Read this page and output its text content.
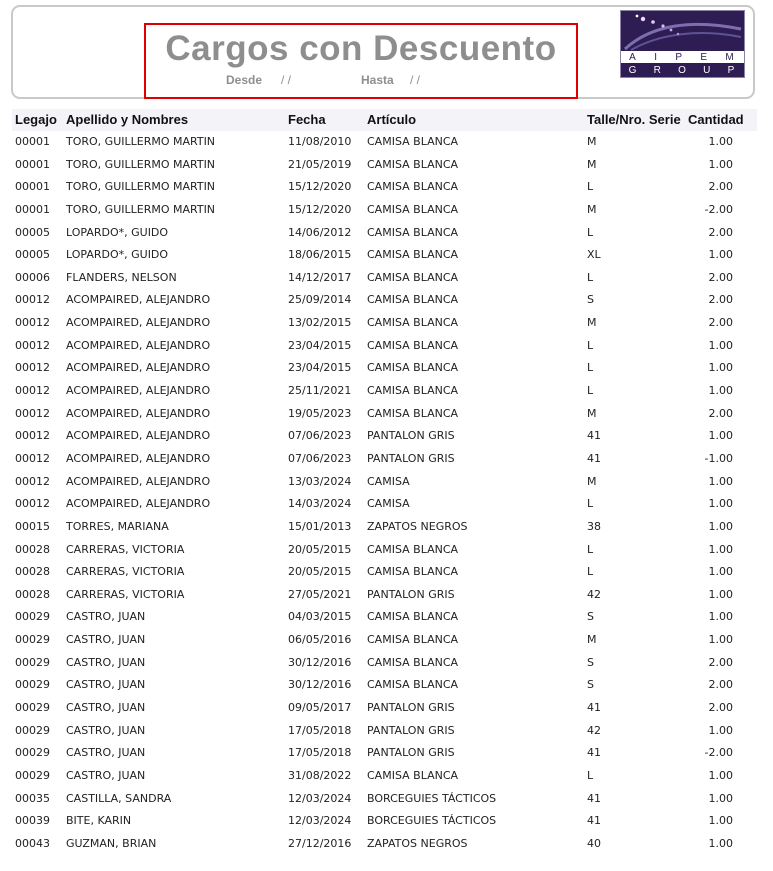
Cargos con Descuento
Desde / /	Hasta / /
A I P E M
G R O U P
Legajo Apellido y Nombres	Fecha	Artículo	Talle/Nro. Serie Cantidad
00001 TORO, GUILLERMO MARTIN	11/08/2010 CAMISA BLANCA	M	1.00
00001 TORO, GUILLERMO MARTIN	21/05/2019 CAMISA BLANCA	M	1.00
00001 TORO, GUILLERMO MARTIN	15/12/2020 CAMISA BLANCA	L	2.00
00001 TORO, GUILLERMO MARTIN	15/12/2020 CAMISA BLANCA	M	-2.00
00005 LOPARDO*, GUIDO	14/06/2012 CAMISA BLANCA	L	2.00
00005 LOPARDO*, GUIDO	18/06/2015 CAMISA BLANCA	XL	1.00
00006 FLANDERS, NELSON	14/12/2017 CAMISA BLANCA	L	2.00
00012 ACOMPAIRED, ALEJANDRO	25/09/2014 CAMISA BLANCA	S	2.00
00012 ACOMPAIRED, ALEJANDRO	13/02/2015 CAMISA BLANCA	M	2.00
00012 ACOMPAIRED, ALEJANDRO	23/04/2015 CAMISA BLANCA	L	1.00
00012 ACOMPAIRED, ALEJANDRO	23/04/2015 CAMISA BLANCA	L	1.00
00012 ACOMPAIRED, ALEJANDRO	25/11/2021 CAMISA BLANCA	L	1.00
00012 ACOMPAIRED, ALEJANDRO	19/05/2023 CAMISA BLANCA	M	2.00
00012 ACOMPAIRED, ALEJANDRO	07/06/2023 PANTALON GRIS	41	1.00
00012 ACOMPAIRED, ALEJANDRO	07/06/2023 PANTALON GRIS	41	-1.00
00012 ACOMPAIRED, ALEJANDRO	13/03/2024 CAMISA	M	1.00
00012 ACOMPAIRED, ALEJANDRO	14/03/2024 CAMISA	L	1.00
00015 TORRES, MARIANA	15/01/2013 ZAPATOS NEGROS	38	1.00
00028 CARRERAS, VICTORIA	20/05/2015 CAMISA BLANCA	L	1.00
00028 CARRERAS, VICTORIA	20/05/2015 CAMISA BLANCA	L	1.00
00028 CARRERAS, VICTORIA	27/05/2021 PANTALON GRIS	42	1.00
00029 CASTRO, JUAN	04/03/2015 CAMISA BLANCA	S	1.00
00029 CASTRO, JUAN	06/05/2016 CAMISA BLANCA	M	1.00
00029 CASTRO, JUAN	30/12/2016 CAMISA BLANCA	S	2.00
00029 CASTRO, JUAN	30/12/2016 CAMISA BLANCA	S	2.00
00029 CASTRO, JUAN	09/05/2017 PANTALON GRIS	41	2.00
00029 CASTRO, JUAN	17/05/2018 PANTALON GRIS	42	1.00
00029 CASTRO, JUAN	17/05/2018 PANTALON GRIS	41	-2.00
00029 CASTRO, JUAN	31/08/2022 CAMISA BLANCA	L	1.00
00035 CASTILLA, SANDRA	12/03/2024 BORCEGUIES TÁCTICOS	41	1.00
00039 BITE, KARIN	12/03/2024 BORCEGUIES TÁCTICOS	41	1.00
00043 GUZMAN, BRIAN	27/12/2016 ZAPATOS NEGROS	40	1.00
